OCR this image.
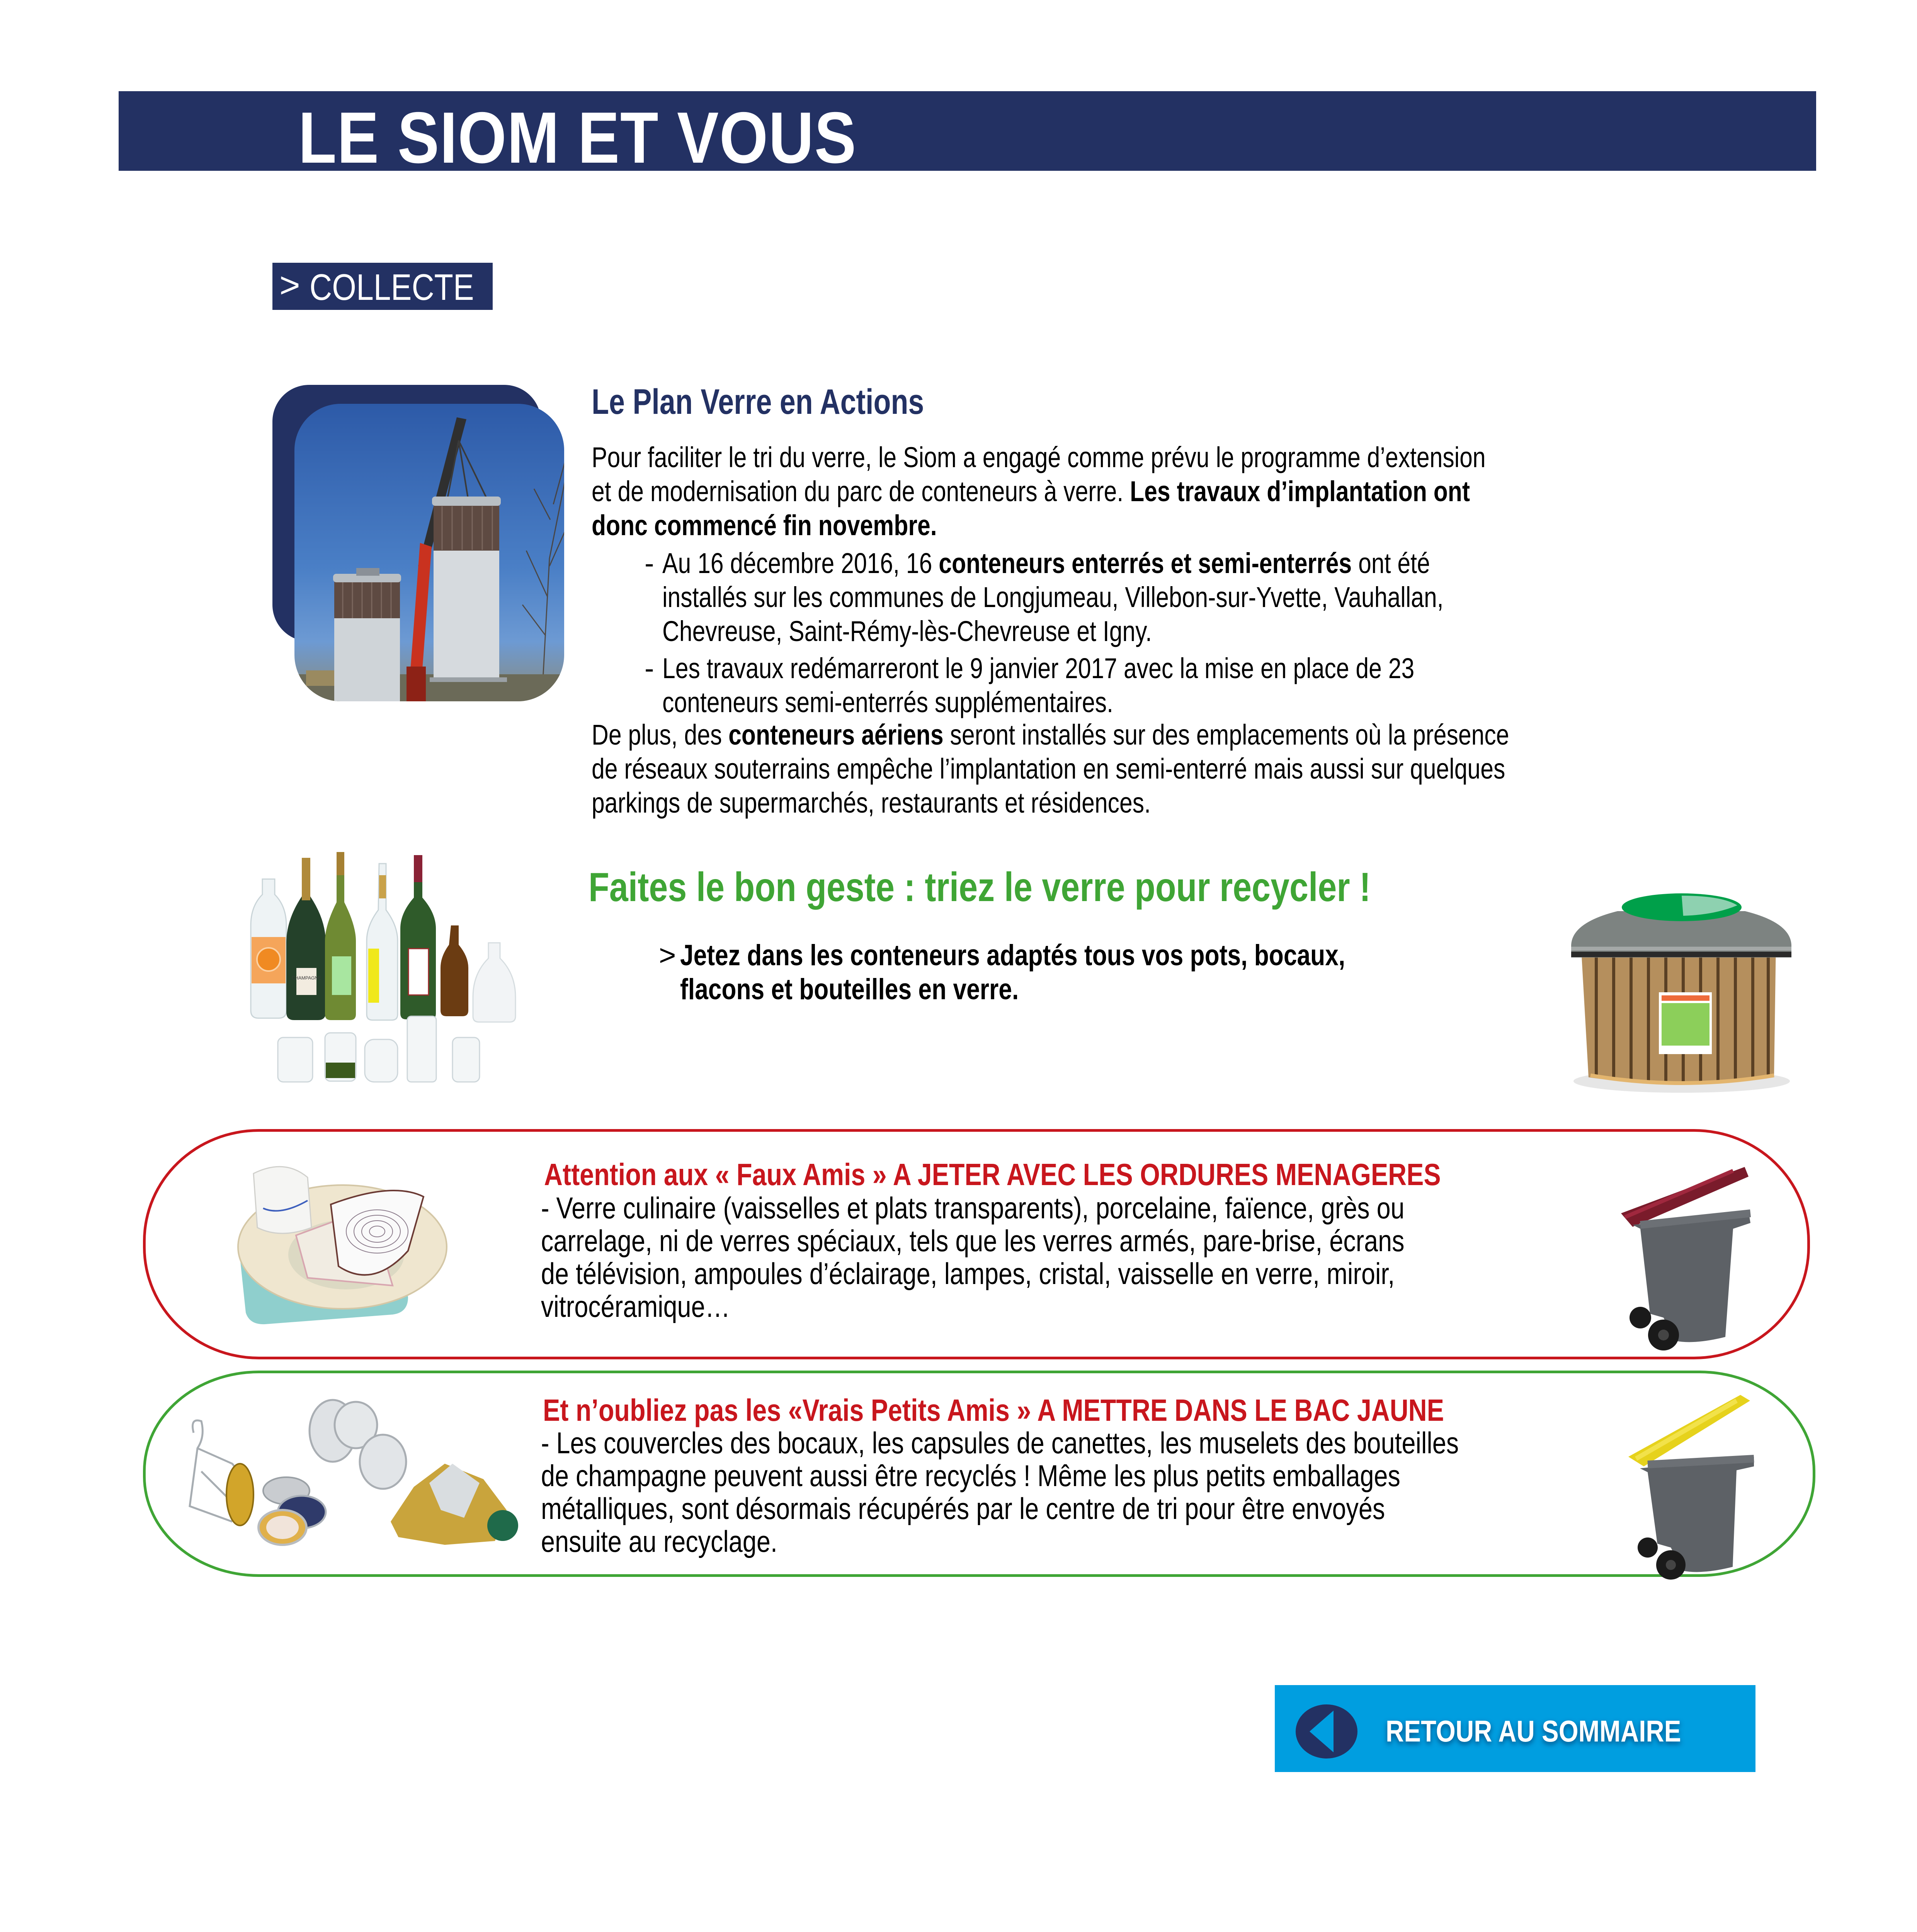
LE SIOM ET VOUS
> COLLECTE
Le Plan Verre en Actions
Pour faciliter le tri du verre, le Siom a engagé comme prévu le programme d’extension
et de modernisation du parc de conteneurs à verre. Les travaux d’implantation ont
donc commencé fin novembre.
- Au 16 décembre 2016, 16 conteneurs enterrés et semi-enterrés ont été
installés sur les communes de Longjumeau, Villebon-sur-Yvette, Vauhallan,
Chevreuse, Saint-Rémy-lès-Chevreuse et Igny.
- Les travaux redémarreront le 9 janvier 2017 avec la mise en place de 23
conteneurs semi-enterrés supplémentaires.
De plus, des conteneurs aériens seront installés sur des emplacements où la présence
de réseaux souterrains empêche l’implantation en semi-enterré mais aussi sur quelques
parkings de supermarchés, restaurants et résidences.
CHAMPAGNE
Faites le bon geste : triez le verre pour recycler !
> Jetez dans les conteneurs adaptés tous vos pots, bocaux,
flacons et bouteilles en verre.
Attention aux « Faux Amis » A JETER AVEC LES ORDURES MENAGERES
- Verre culinaire (vaisselles et plats transparents), porcelaine, faïence, grès ou
carrelage, ni de verres spéciaux, tels que les verres armés, pare-brise, écrans
de télévision, ampoules d’éclairage, lampes, cristal, vaisselle en verre, miroir,
vitrocéramique…
Et n’oubliez pas les «Vrais Petits Amis » A METTRE DANS LE BAC JAUNE
- Les couvercles des bocaux, les capsules de canettes, les muselets des bouteilles
de champagne peuvent aussi être recyclés ! Même les plus petits emballages
métalliques, sont désormais récupérés par le centre de tri pour être envoyés
ensuite au recyclage.
RETOUR AU SOMMAIRE
